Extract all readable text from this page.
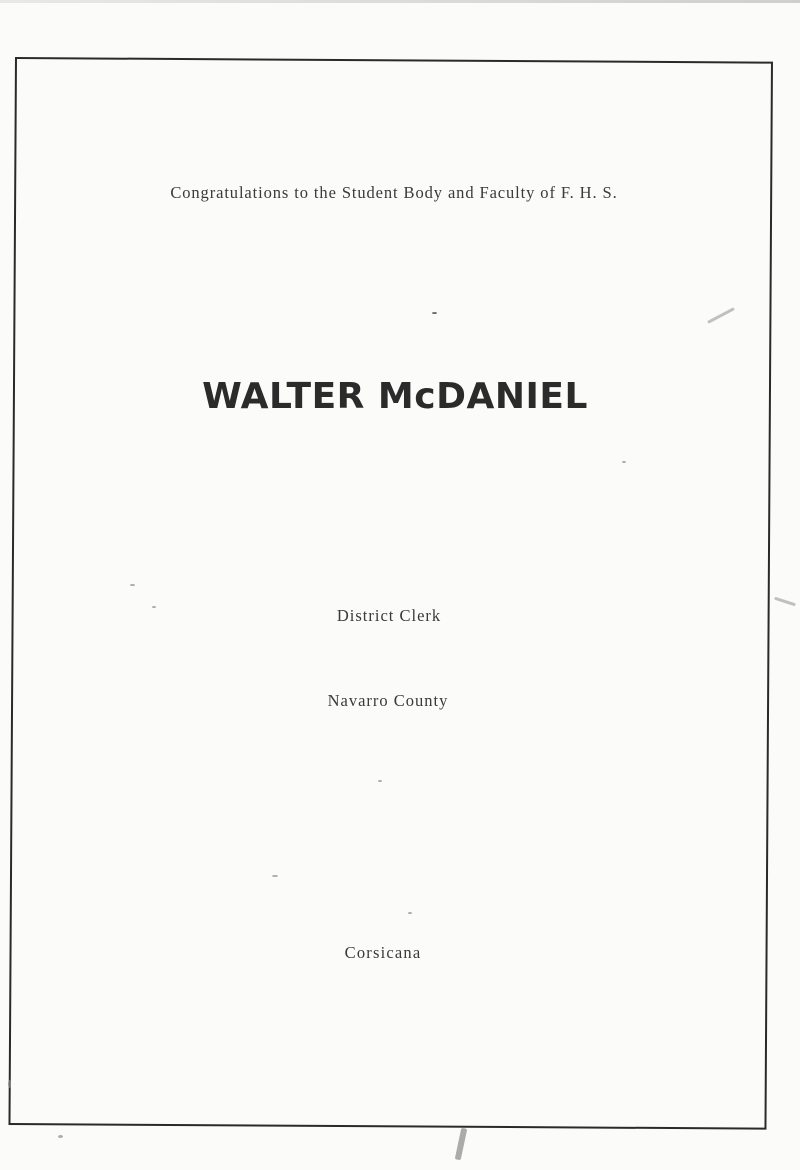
Congratulations to the Student Body and Faculty of F. H. S.
WALTER McDANIEL
District Clerk
Navarro County
Corsicana
